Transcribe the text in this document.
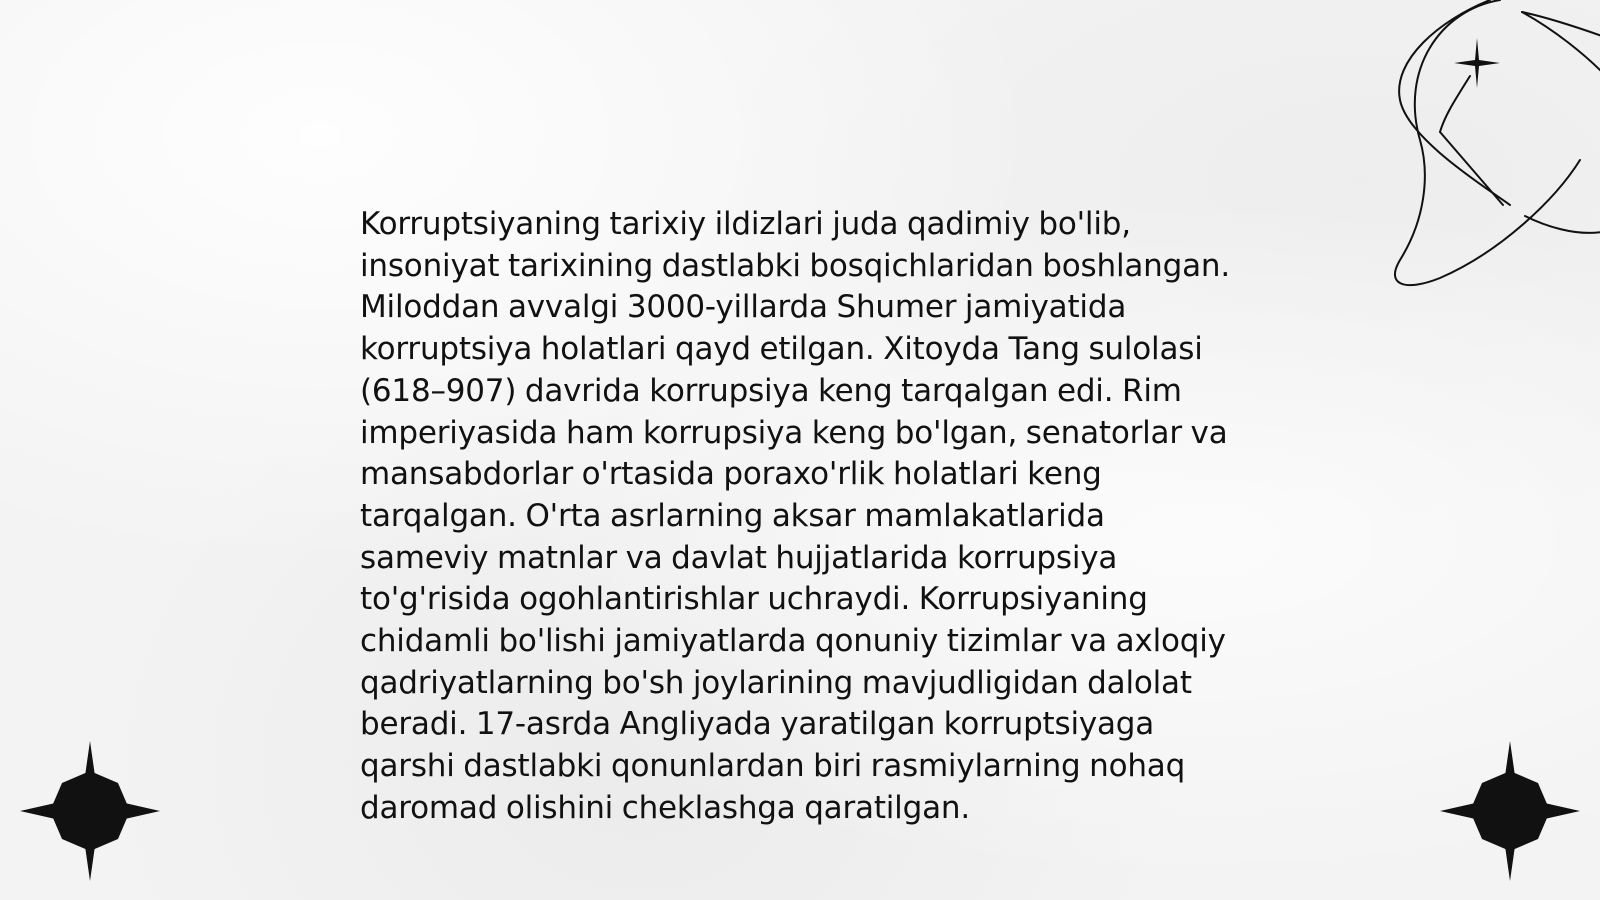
Korruptsiyaning tarixiy ildizlari juda qadimiy bo'lib, insoniyat tarixining dastlabki bosqichlaridan boshlangan. Miloddan avvalgi 3000-yillarda Shumer jamiyatida korruptsiya holatlari qayd etilgan. Xitoyda Tang sulolasi (618–907) davrida korrupsiya keng tarqalgan edi. Rim imperiyasida ham korrupsiya keng bo'lgan, senatorlar va mansabdorlar o'rtasida poraxo'rlik holatlari keng tarqalgan. O'rta asrlarning aksar mamlakatlarida sameviy matnlar va davlat hujjatlarida korrupsiya to'g'risida ogohlantirishlar uchraydi. Korrupsiyaning chidamli bo'lishi jamiyatlarda qonuniy tizimlar va axloqiy qadriyatlarning bo'sh joylarining mavjudligidan dalolat beradi. 17-asrda Angliyada yaratilgan korruptsiyaga qarshi dastlabki qonunlardan biri rasmiylarning nohaq daromad olishini cheklashga qaratilgan.
